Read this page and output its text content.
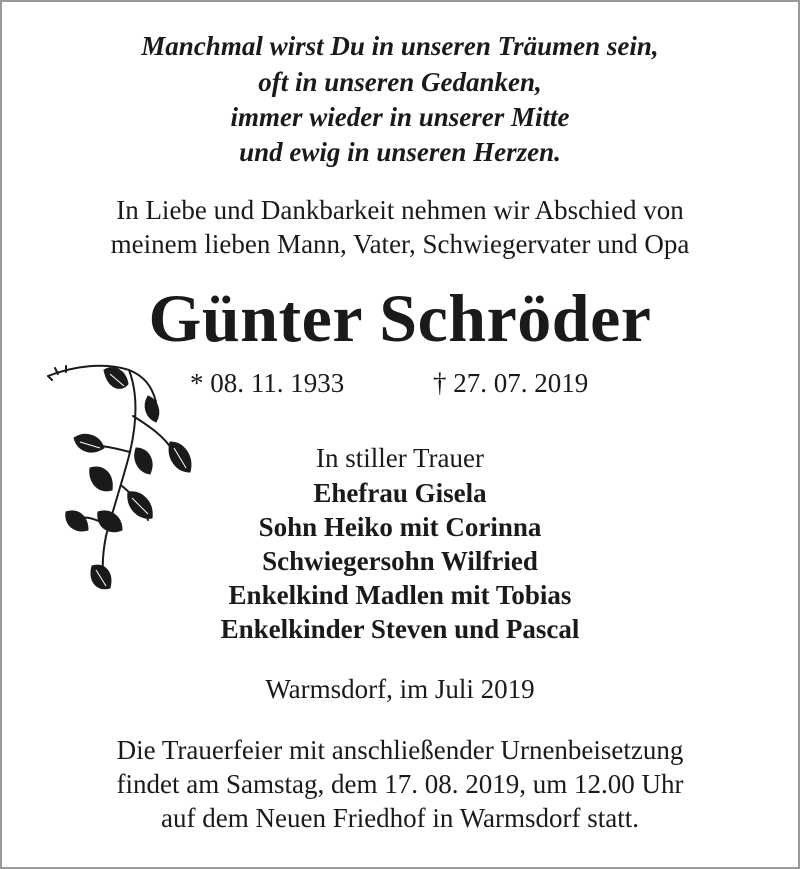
Manchmal wirst Du in unseren Träumen sein,
oft in unseren Gedanken,
immer wieder in unserer Mitte
und ewig in unseren Herzen.
In Liebe und Dankbarkeit nehmen wir Abschied von
meinem lieben Mann, Vater, Schwiegervater und Opa
Günter Schröder
* 08. 11. 1933	† 27. 07. 2019
In stiller Trauer
Ehefrau Gisela
Sohn Heiko mit Corinna
Schwiegersohn Wilfried
Enkelkind Madlen mit Tobias
Enkelkinder Steven und Pascal
Warmsdorf, im Juli 2019
Die Trauerfeier mit anschließender Urnenbeisetzung
findet am Samstag, dem 17. 08. 2019, um 12.00 Uhr
auf dem Neuen Friedhof in Warmsdorf statt.
